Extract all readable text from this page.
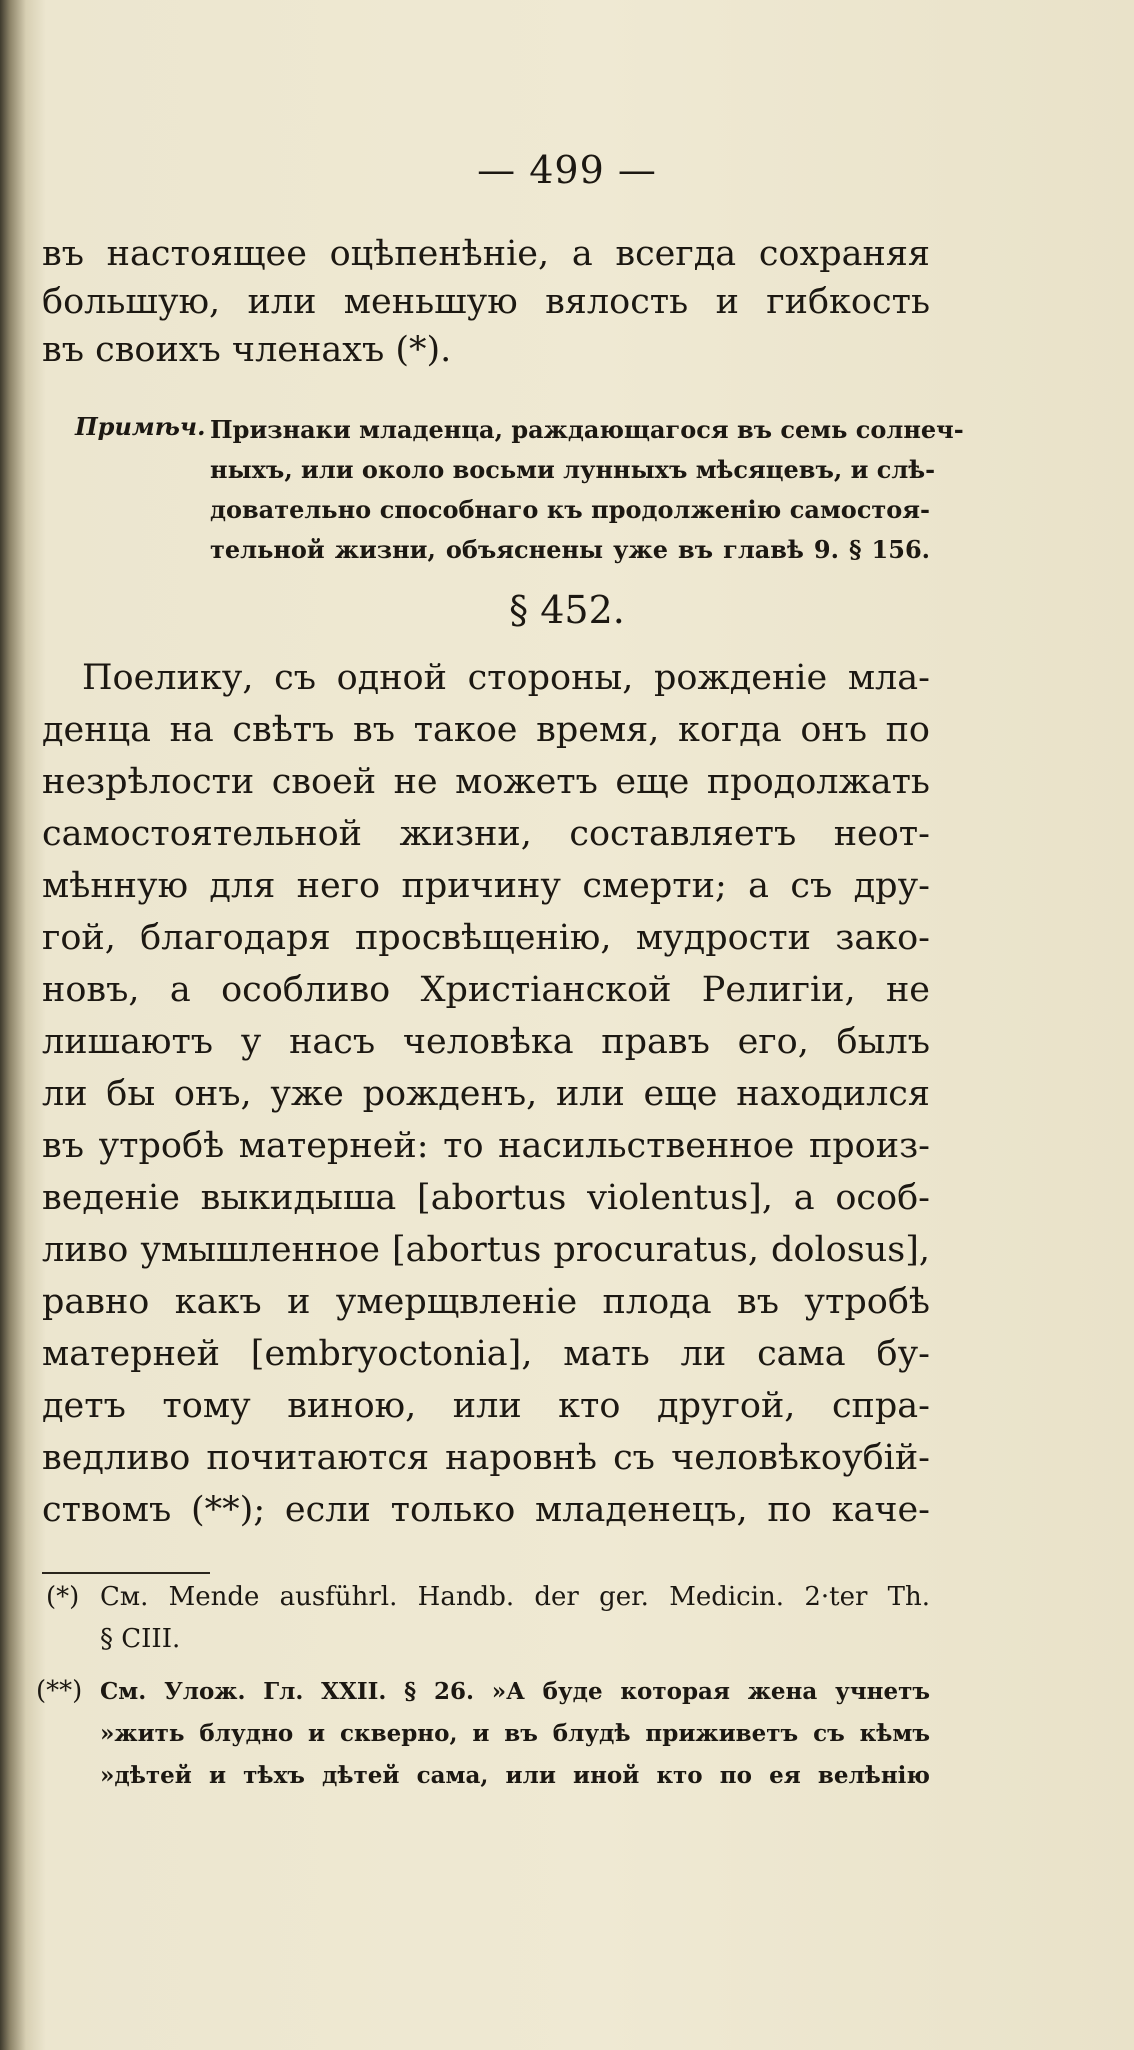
— 499 —
въ настоящее оцѣпенѣніе, а всегда сохраняя
большую, или меньшую вялость и гибкость
въ своихъ членахъ (*).
Примѣч. Признаки младенца, раждающагося въ семь солнеч-
ныхъ, или около восьми лунныхъ мѣсяцевъ, и слѣ-
довательно способнаго къ продолженію самостоя-
тельной жизни, объяснены уже въ главѣ 9. § 156.
§ 452.
Поелику, съ одной стороны, рожденіе мла-
денца на свѣтъ въ такое время, когда онъ по
незрѣлости своей не можетъ еще продолжать
самостоятельной жизни, составляетъ неот-
мѣнную для него причину смерти; а съ дру-
гой, благодаря просвѣщенію, мудрости зако-
новъ, а особливо Христіанской Религіи, не
лишаютъ у насъ человѣка правъ его, былъ
ли бы онъ, уже рожденъ, или еще находился
въ утробѣ матерней: то насильственное произ-
веденіе выкидыша [abortus violentus], а особ-
ливо умышленное [abortus procuratus, dolosus],
равно какъ и умерщвленіе плода въ утробѣ
матерней [embryoctonia], мать ли сама бу-
детъ тому виною, или кто другой, спра-
ведливо почитаются наровнѣ съ человѣкоубій-
ствомъ (**); если только младенецъ, по каче-
(*) См. Mende ausführl. Handb. der ger. Medicin. 2·ter Th.
§ CIII.
(**) См. Улож. Гл. XXII. § 26. »А буде которая жена учнетъ
»жить блудно и скверно, и въ блудѣ приживетъ съ кѣмъ
»дѣтей и тѣхъ дѣтей сама, или иной кто по ея велѣнію
